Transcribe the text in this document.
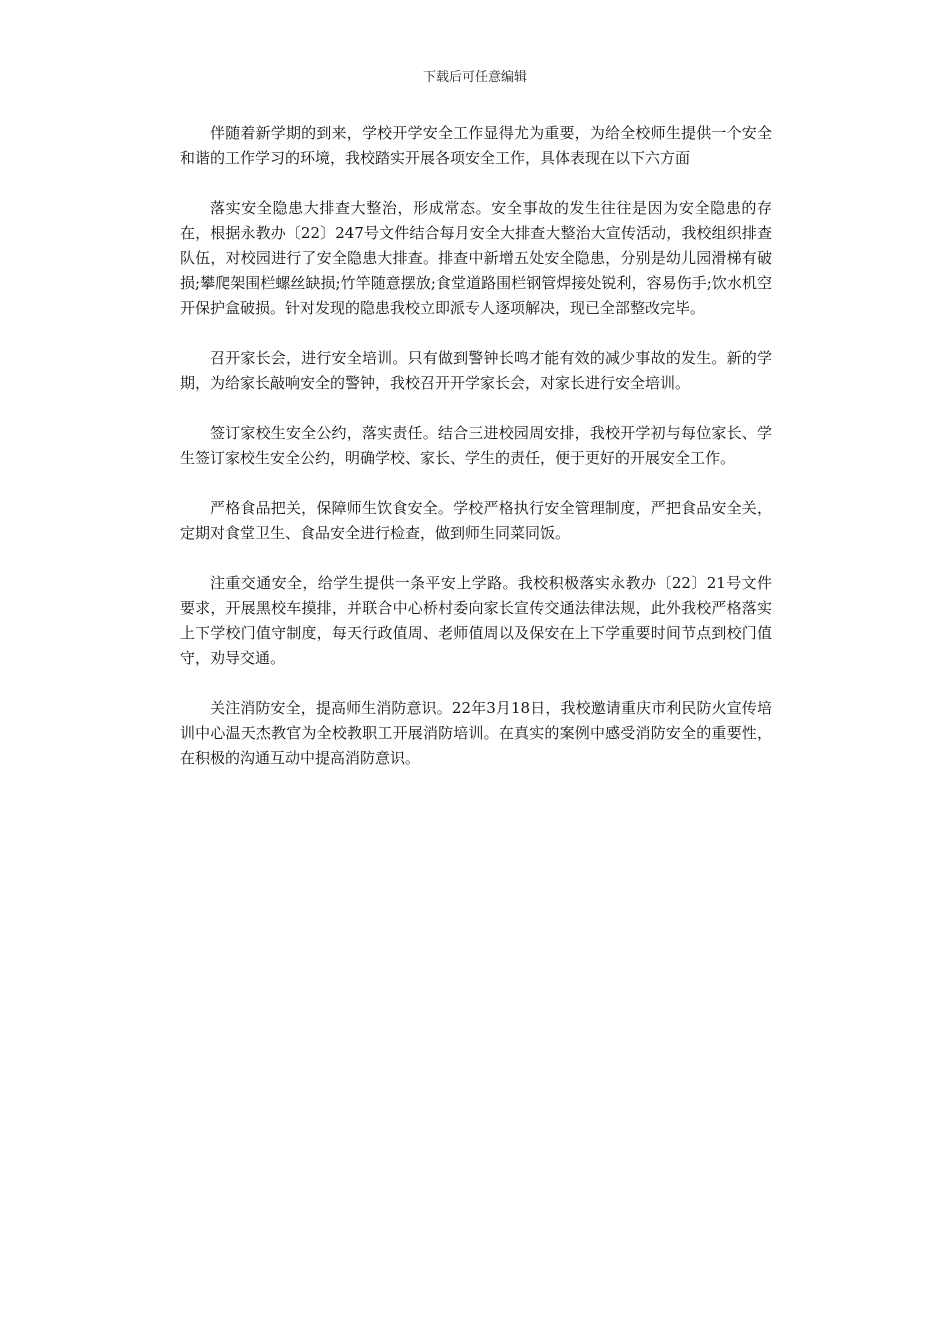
下载后可任意编辑

伴随着新学期的到来，学校开学安全工作显得尤为重要，为给全校师生提供一个安全和谐的工作学习的环境，我校踏实开展各项安全工作，具体表现在以下六方面

落实安全隐患大排查大整治，形成常态。安全事故的发生往往是因为安全隐患的存在，根据永教办〔22〕247号文件结合每月安全大排查大整治大宣传活动，我校组织排查队伍，对校园进行了安全隐患大排查。排查中新增五处安全隐患，分别是幼儿园滑梯有破损;攀爬架围栏螺丝缺损;竹竿随意摆放;食堂道路围栏钢管焊接处锐利，容易伤手;饮水机空开保护盒破损。针对发现的隐患我校立即派专人逐项解决，现已全部整改完毕。

召开家长会，进行安全培训。只有做到警钟长鸣才能有效的减少事故的发生。新的学期，为给家长敲响安全的警钟，我校召开开学家长会，对家长进行安全培训。

签订家校生安全公约，落实责任。结合三进校园周安排，我校开学初与每位家长、学生签订家校生安全公约，明确学校、家长、学生的责任，便于更好的开展安全工作。

严格食品把关，保障师生饮食安全。学校严格执行安全管理制度，严把食品安全关，定期对食堂卫生、食品安全进行检查，做到师生同菜同饭。

注重交通安全，给学生提供一条平安上学路。我校积极落实永教办〔22〕21号文件要求，开展黑校车摸排，并联合中心桥村委向家长宣传交通法律法规，此外我校严格落实上下学校门值守制度，每天行政值周、老师值周以及保安在上下学重要时间节点到校门值守，劝导交通。

关注消防安全，提高师生消防意识。22年3月18日，我校邀请重庆市利民防火宣传培训中心温天杰教官为全校教职工开展消防培训。在真实的案例中感受消防安全的重要性，在积极的沟通互动中提高消防意识。
